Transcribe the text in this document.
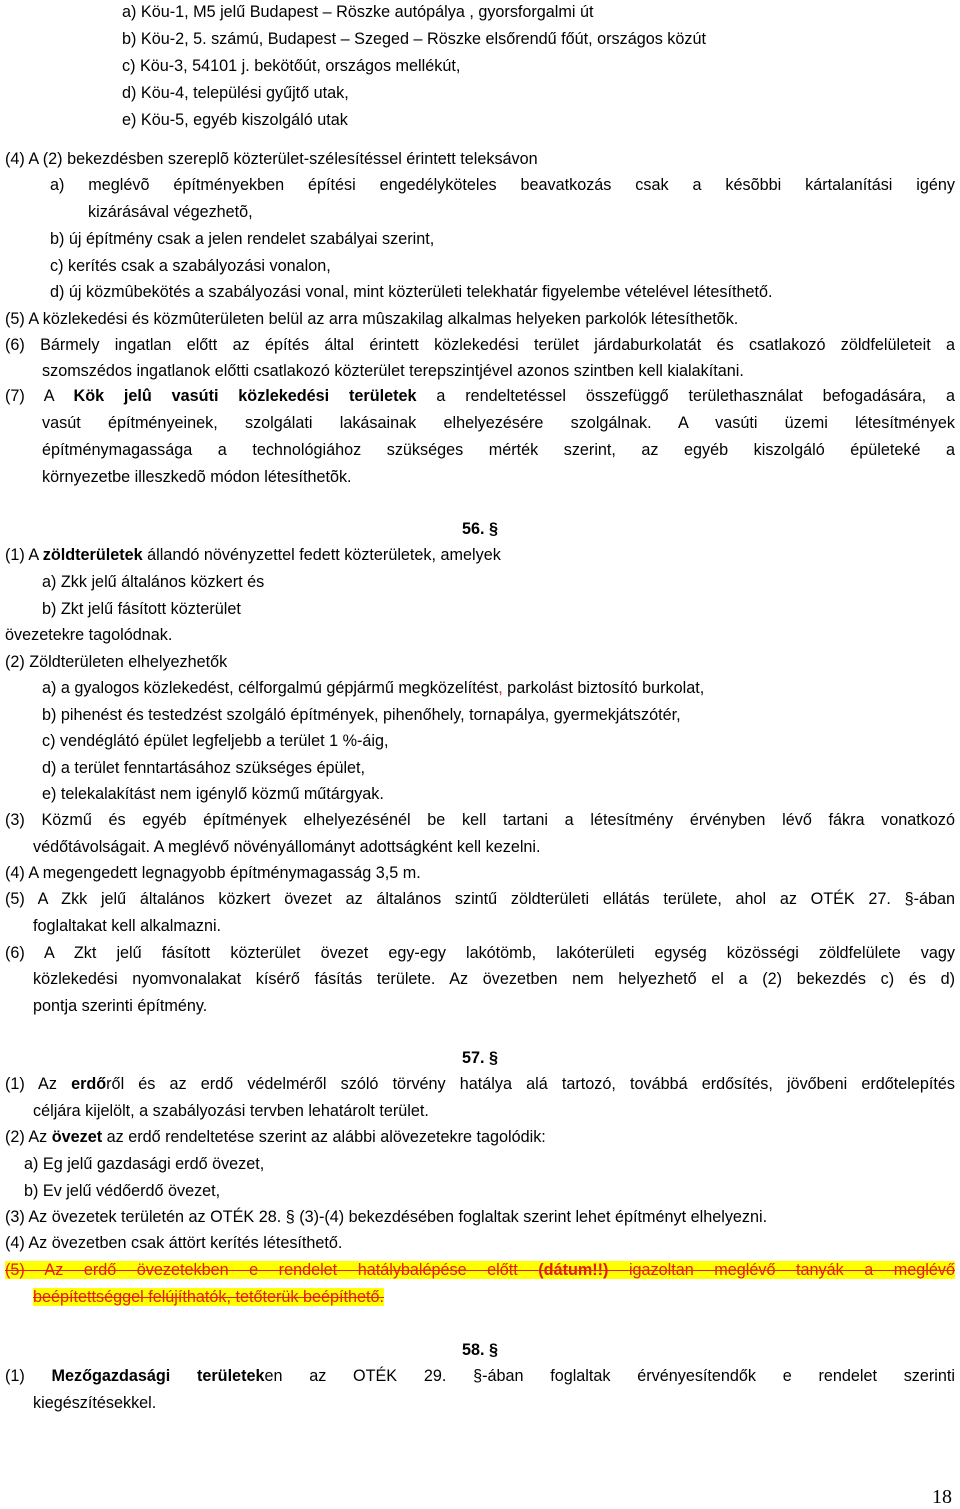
a) Köu-1, M5 jelű Budapest – Röszke autópálya , gyorsforgalmi út
b) Köu-2, 5. számú, Budapest – Szeged – Röszke elsőrendű főút, országos közút
c) Köu-3, 54101 j. bekötőút, országos mellékút,
d) Köu-4, települési gyűjtő utak,
e) Köu-5, egyéb kiszolgáló utak
(4) A (2) bekezdésben szereplõ közterület-szélesítéssel érintett teleksávon
a) meglévõ építményekben építési engedélyköteles beavatkozás csak a késõbbi kártalanítási igény
kizárásával végezhetõ,
b) új építmény csak a jelen rendelet szabályai szerint,
c) kerítés csak a szabályozási vonalon,
d) új közmûbekötés a szabályozási vonal, mint közterületi telekhatár figyelembe vételével létesíthető.
(5) A közlekedési és közmûterületen belül az arra mûszakilag alkalmas helyeken parkolók létesíthetõk.
(6) Bármely ingatlan előtt az építés által érintett közlekedési terület járdaburkolatát és csatlakozó zöldfelületeit a
szomszédos ingatlanok előtti csatlakozó közterület terepszintjével azonos szintben kell kialakítani.
(7) A Kök jelû vasúti közlekedési területek a rendeltetéssel összefüggő területhasználat befogadására, a
vasút építményeinek, szolgálati lakásainak elhelyezésére szolgálnak. A vasúti üzemi létesítmények
építménymagassága a technológiához szükséges mérték szerint, az egyéb kiszolgáló épületeké a
környezetbe illeszkedõ módon létesíthetõk.
56. §
(1) A zöldterületek állandó növényzettel fedett közterületek, amelyek
a) Zkk jelű általános közkert és
b) Zkt jelű fásított közterület
övezetekre tagolódnak.
(2) Zöldterületen elhelyezhetők
a) a gyalogos közlekedést, célforgalmú gépjármű megközelítést, parkolást biztosító burkolat,
b) pihenést és testedzést szolgáló építmények, pihenőhely, tornapálya, gyermekjátszótér,
c) vendéglátó épület legfeljebb a terület 1 %-áig,
d) a terület fenntartásához szükséges épület,
e) telekalakítást nem igénylő közmű műtárgyak.
(3) Közmű és egyéb építmények elhelyezésénél be kell tartani a létesítmény érvényben lévő fákra vonatkozó
védőtávolságait. A meglévő növényállományt adottságként kell kezelni.
(4) A megengedett legnagyobb építménymagasság 3,5 m.
(5) A Zkk jelű általános közkert övezet az általános szintű zöldterületi ellátás területe, ahol az OTÉK 27. §-ában
foglaltakat kell alkalmazni.
(6) A Zkt jelű fásított közterület övezet egy-egy lakótömb, lakóterületi egység közösségi zöldfelülete vagy
közlekedési nyomvonalakat kísérő fásítás területe. Az övezetben nem helyezhető el a (2) bekezdés c) és d)
pontja szerinti építmény.
57. §
(1) Az erdőről és az erdő védelméről szóló törvény hatálya alá tartozó, továbbá erdősítés, jövőbeni erdőtelepítés
céljára kijelölt, a szabályozási tervben lehatárolt terület.
(2) Az övezet az erdő rendeltetése szerint az alábbi alövezetekre tagolódik:
a) Eg jelű gazdasági erdő övezet,
b) Ev jelű védőerdő övezet,
(3) Az övezetek területén az OTÉK 28. § (3)-(4) bekezdésében foglaltak szerint lehet építményt elhelyezni.
(4) Az övezetben csak áttört kerítés létesíthető.
(5) Az erdő övezetekben e rendelet hatálybalépése előtt (dátum!!) igazoltan meglévő tanyák a meglévő
beépítettséggel felújíthatók, tetőterük beépíthető.
58. §
(1) Mezőgazdasági területeken az OTÉK 29. §-ában foglaltak érvényesítendők e rendelet szerinti
kiegészítésekkel.
18
